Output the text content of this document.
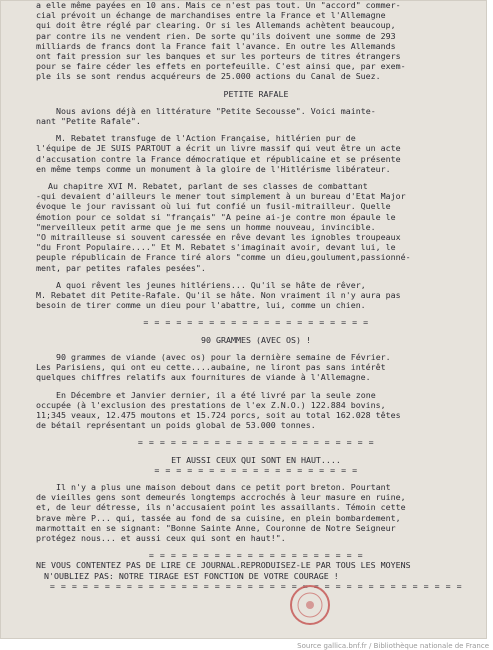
a elle même payées en 10 ans. Mais ce n'est pas tout. Un "accord" commer-

cial prévoit un échange de marchandises entre la France et l'Allemagne

qui doit être réglé par clearing. Or si les Allemands achètent beaucoup,

par contre ils ne vendent rien. De sorte qu'ils doivent une somme de 293

milliards de francs dont la France fait l'avance. En outre les Allemands

ont fait pression sur les banques et sur les porteurs de titres étrangers

pour se faire céder les effets en portefeuille. C'est ainsi que, par exem-

ple ils se sont rendus acquéreurs de 25.000 actions du Canal de Suez.

PETITE RAFALE

Nous avions déjà en littérature "Petite Secousse". Voici mainte-

nant "Petite Rafale".

M. Rebatet transfuge de l'Action Française, hitlérien pur de

l'équipe de JE SUIS PARTOUT a écrit un livre massif qui veut être un acte

d'accusation contre la France démocratique et républicaine et se présente

en même temps comme un monument à la gloire de l'Hitlérisme libérateur.

Au chapitre XVI M. Rebatet, parlant de ses classes de combattant

-qui devaient d'ailleurs le mener tout simplement à un bureau d'Etat Major

évoque le jour ravissant où lui fut confié un fusil-mitrailleur. Quelle

émotion pour ce soldat si "français" "A peine ai-je contre mon épaule le

"merveilleux petit arme que je me sens un homme nouveau, invincible.

"O mitrailleuse si souvent caressée en rêve devant les ignobles troupeaux

"du Front Populaire...." Et M. Rebatet s'imaginait avoir, devant lui, le

peuple républicain de France tiré alors "comme un dieu,goulument,passionné-

ment, par petites rafales pesées".

A quoi rêvent les jeunes hitlériens... Qu'il se hâte de rêver,

M. Rebatet dit Petite-Rafale. Qu'il se hâte. Non vraiment il n'y aura pas

besoin de tirer comme un dieu pour l'abattre, lui, comme un chien.

= = = = = = = = = = = = = = = = = = = = =

90 GRAMMES (AVEC OS) !

90 grammes de viande (avec os) pour la dernière semaine de Février.

Les Parisiens, qui ont eu cette....aubaine, ne liront pas sans intérêt

quelques chiffres relatifs aux fournitures de viande à l'Allemagne.

En Décembre et Janvier dernier, il a été livré par la seule zone

occupée (à l'exclusion des prestations de l'ex Z.N.O.) 122.884 bovins,

11;345 veaux, 12.475 moutons et 15.724 porcs, soit au total 162.028 têtes

de bétail représentant un poids global de 53.000 tonnes.

= = = = = = = = = = = = = = = = = = = = = =

ET AUSSI CEUX QUI SONT EN HAUT....

= = = = = = = = = = = = = = = = = = =

Il n'y a plus une maison debout dans ce petit port breton. Pourtant

de vieilles gens sont demeurés longtemps accrochés à leur masure en ruine,

et, de leur détresse, ils n'accusaient point les assaillants. Témoin cette

brave mère P... qui, tassée au fond de sa cuisine, en plein bombardement,

marmottait en se signant: "Bonne Sainte Anne, Couronne de Notre Seigneur

protégez nous... et aussi ceux qui sont en haut!".

= = = = = = = = = = = = = = = = = = = =

NE VOUS CONTENTEZ PAS DE LIRE CE JOURNAL.REPRODUISEZ-LE PAR TOUS LES MOYENS

N'OUBLIEZ PAS: NOTRE TIRAGE EST FONCTION DE VOTRE COURAGE !

= = = = = = = = = = = = = = = = = = = = = = = = = = = = = = = = = = = = = =

Source gallica.bnf.fr / Bibliothèque nationale de France
